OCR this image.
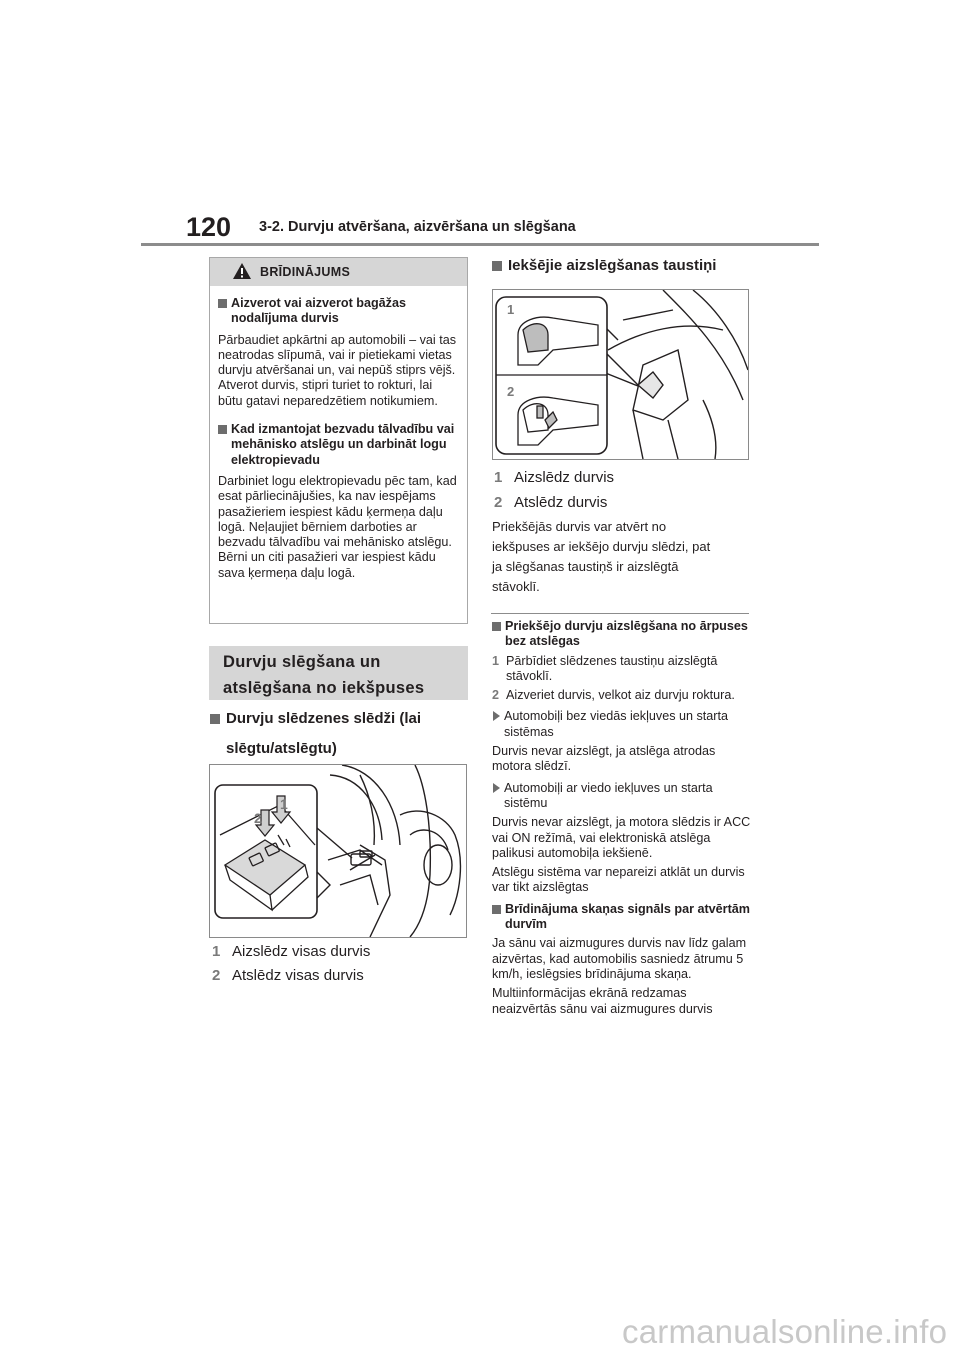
120 3-2. Durvju atvēršana, aizvēršana un slēgšana
BRĪDINĀJUMS
Aizverot vai aizverot bagāžas nodalījuma durvis
Pārbaudiet apkārtni ap automobili – vai tas neatrodas slīpumā, vai ir pietiekami vietas durvju atvēršanai un, vai nepūš stiprs vējš. Atverot durvis, stipri turiet to rokturi, lai būtu gatavi neparedzētiem notikumiem.
Kad izmantojat bezvadu tālvadību vai mehānisko atslēgu un darbināt logu elektropievadu
Darbiniet logu elektropievadu pēc tam, kad esat pārliecinājušies, ka nav iespējams pasažieriem iespiest kādu ķermeņa daļu logā. Neļaujiet bērniem darboties ar bezvadu tālvadību vai mehānisko atslēgu. Bērni un citi pasažieri var iespiest kādu sava ķermeņa daļu logā.
Durvju slēgšana un
atslēgšana no iekšpuses
Durvju slēdzenes slēdži (lai
slēgtu/atslēgtu)
1
2
1 Aizslēdz visas durvis
2 Atslēdz visas durvis
Iekšējie aizslēgšanas taustiņi
1
2
1 Aizslēdz durvis
2 Atslēdz durvis
Priekšējās durvis var atvērt no
iekšpuses ar iekšējo durvju slēdzi, pat
ja slēgšanas taustiņš ir aizslēgtā
stāvoklī.
Priekšējo durvju aizslēgšana no ārpuses bez atslēgas
1 Pārbīdiet slēdzenes taustiņu aizslēgtā stāvoklī.
2 Aizveriet durvis, velkot aiz durvju roktura.
Automobiļi bez viedās iekļuves un starta sistēmas
Durvis nevar aizslēgt, ja atslēga atrodas motora slēdzī.
Automobiļi ar viedo iekļuves un starta sistēmu
Durvis nevar aizslēgt, ja motora slēdzis ir ACC vai ON režīmā, vai elektroniskā atslēga palikusi automobiļa iekšienē.
Atslēgu sistēma var nepareizi atklāt un durvis var tikt aizslēgtas
Brīdinājuma skaņas signāls par atvērtām durvīm
Ja sānu vai aizmugures durvis nav līdz galam aizvērtas, kad automobilis sasniedz ātrumu 5 km/h, ieslēgsies brīdinājuma skaņa.
Multiinformācijas ekrānā redzamas neaizvērtās sānu vai aizmugures durvis
carmanualsonline.info
